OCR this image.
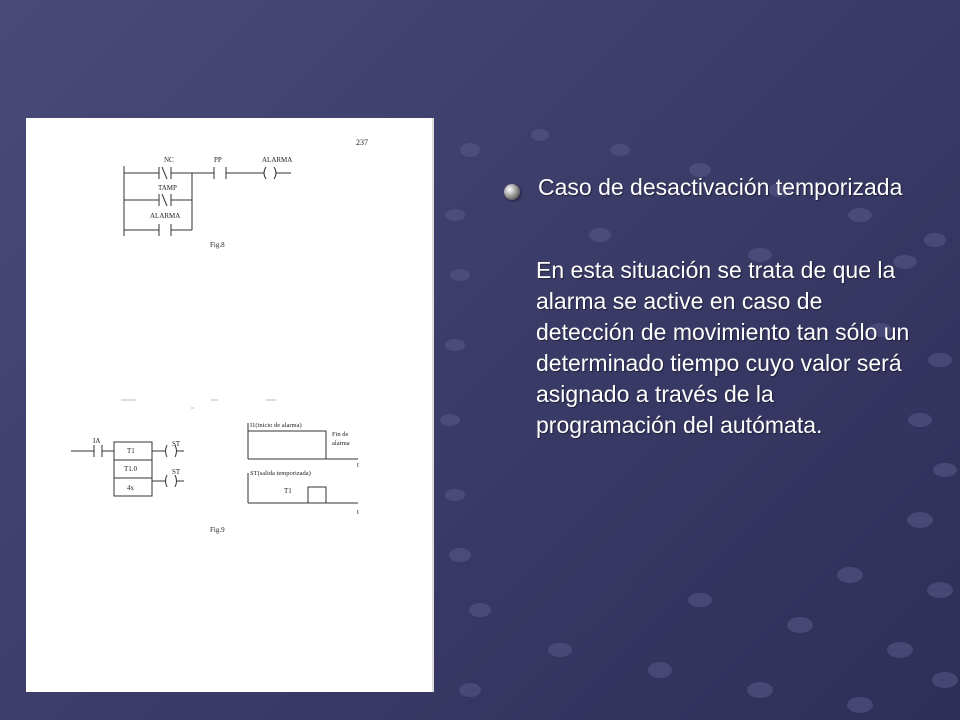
237
NC	PP	ALARMA
TAMP
ALARMA
Fig.8
IA
T1
T1.0
4x
ST
ST
I1(inicio de alarma)
Fin de
alarma
t
ST(salida temporizada)
T1
t
Fig.9
Caso de desactivación temporizada
En esta situación se trata de que la alarma se active en caso de detección de movimiento tan sólo un determinado tiempo cuyo valor será asignado a través de la programación del autómata.
